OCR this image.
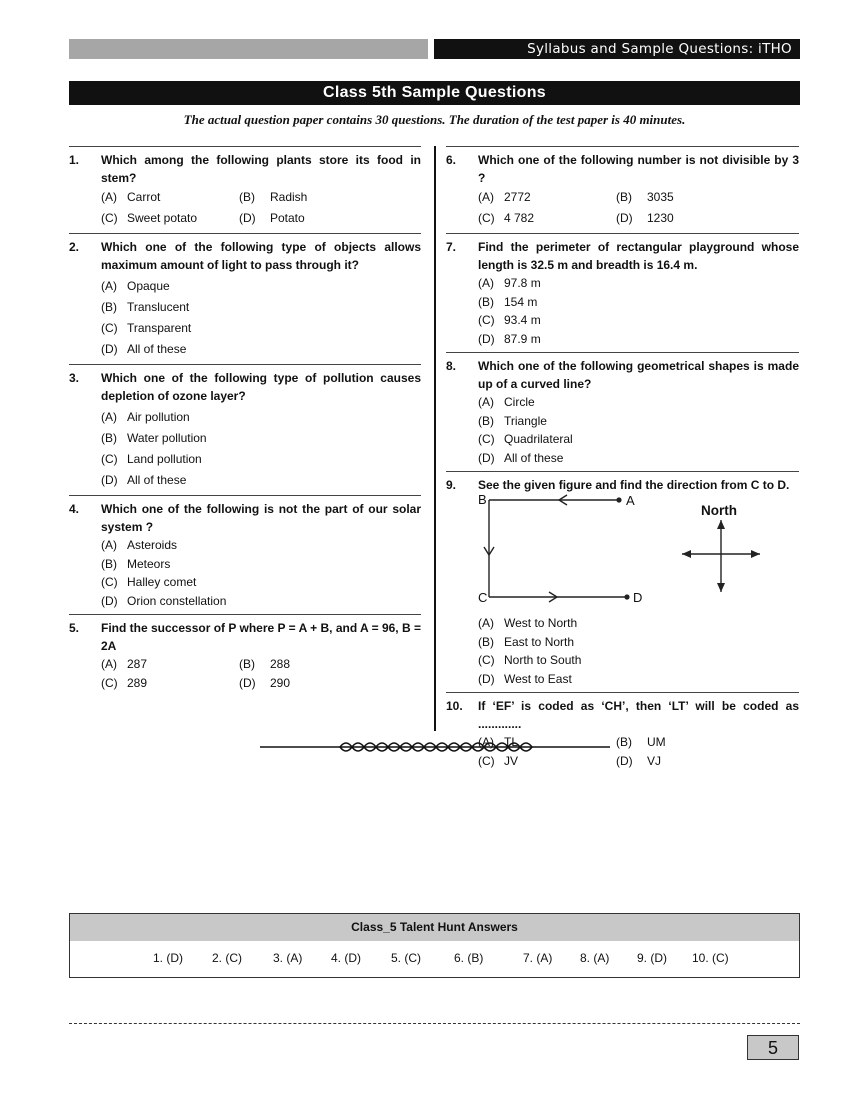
Syllabus and Sample Questions: iTHO
Class 5th Sample Questions
The actual question paper contains 30 questions. The duration of the test paper is 40 minutes.
1.	Which among the following plants store its food in stem?
(A) Carrot	(B)	Radish
(C) Sweet potato	(D)	Potato
2.	Which one of the following type of objects allows maximum amount of light to pass through it?
(A) Opaque
(B) Translucent
(C) Transparent
(D) All of these
3.	Which one of the following type of pollution causes depletion of ozone layer?
(A) Air pollution
(B) Water pollution
(C) Land pollution
(D) All of these
4.	Which one of the following is not the part of our solar system ?
(A) Asteroids
(B) Meteors
(C) Halley comet
(D) Orion constellation
5.	Find the successor of P where P = A + B, and A = 96, B = 2A
(A) 287	(B)	288
(C) 289	(D)	290
6.	Which one of the following number is not divisible by 3 ?
(A) 2772	(B)	3035
(C) 4 782	(D)	1230
7.	Find the perimeter of rectangular playground whose length is 32.5 m and breadth is 16.4 m.
(A) 97.8 m
(B) 154 m
(C) 93.4 m
(D) 87.9 m
8.	Which one of the following geometrical shapes is made up of a curved line?
(A) Circle
(B) Triangle
(C) Quadrilateral
(D) All of these
9.	See the given figure and find the direction from C to D.
B	A
C	D
North
(A) West to North
(B) East to North
(C) North to South
(D) West to East
10.	If ‘EF’ is coded as ‘CH’, then ‘LT’ will be coded as .............
(A) TL	(B)	UM
(C) JV	(D)	VJ
Class_5 Talent Hunt Answers
1. (D) 2. (C)	3. (A) 4. (D)	5. (C)	6. (B)	7. (A) 8. (A) 9. (D) 10. (C)
5
